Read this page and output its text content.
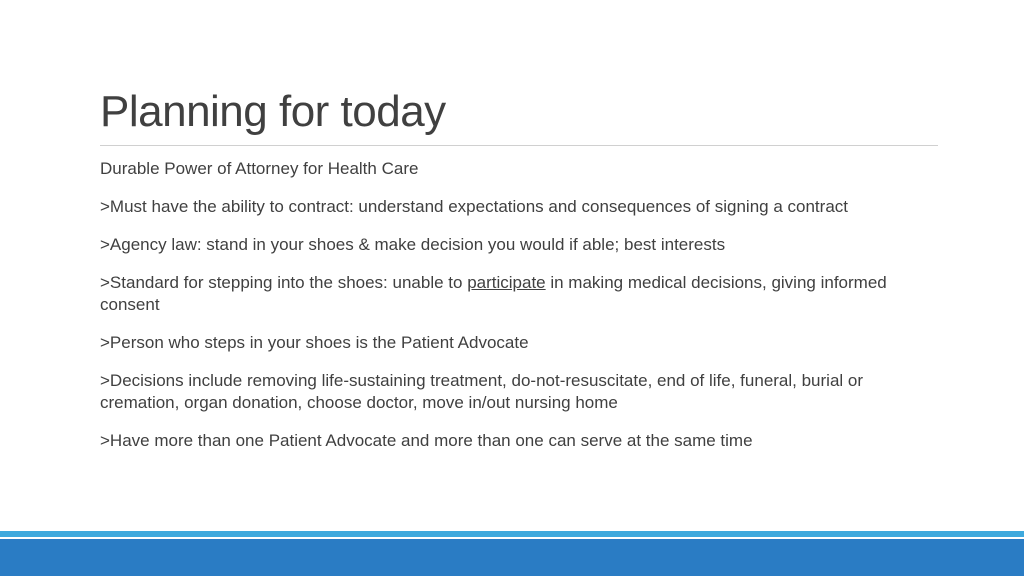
Planning for today

Durable Power of Attorney for Health Care

>Must have the ability to contract: understand expectations and consequences of signing a contract

>Agency law: stand in your shoes & make decision you would if able; best interests

>Standard for stepping into the shoes: unable to participate in making medical decisions, giving informed consent

>Person who steps in your shoes is the Patient Advocate

>Decisions include removing life-sustaining treatment, do-not-resuscitate, end of life, funeral, burial or cremation, organ donation, choose doctor, move in/out nursing home

>Have more than one Patient Advocate and more than one can serve at the same time
